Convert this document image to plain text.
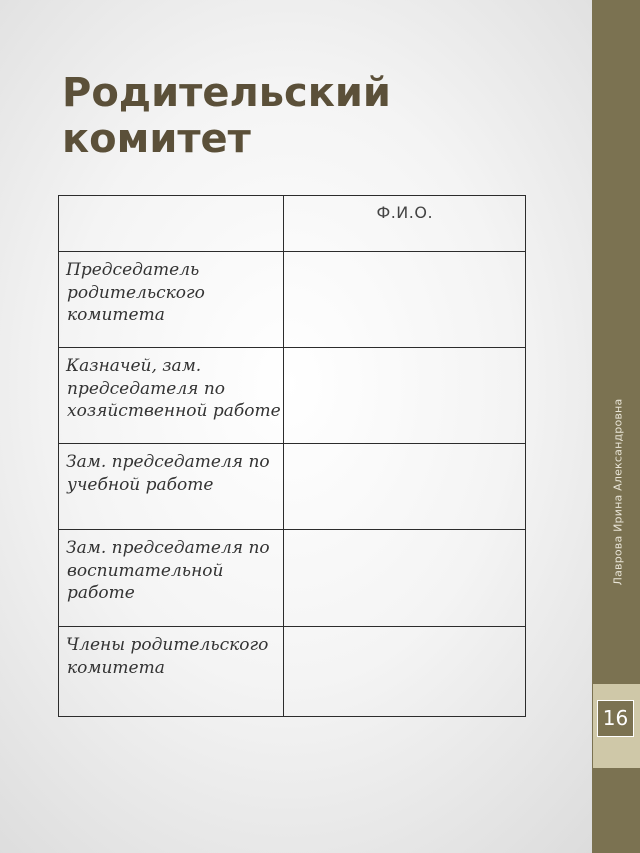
Лаврова Ирина Александровна
16
Родительский комитет

	Ф.И.О.

Председатель родительского комитета	

Казначей, зам. председателя по хозяйственной работе	

Зам. председателя по учебной работе	

Зам. председателя по воспитательной работе	

Члены родительского комитета	
